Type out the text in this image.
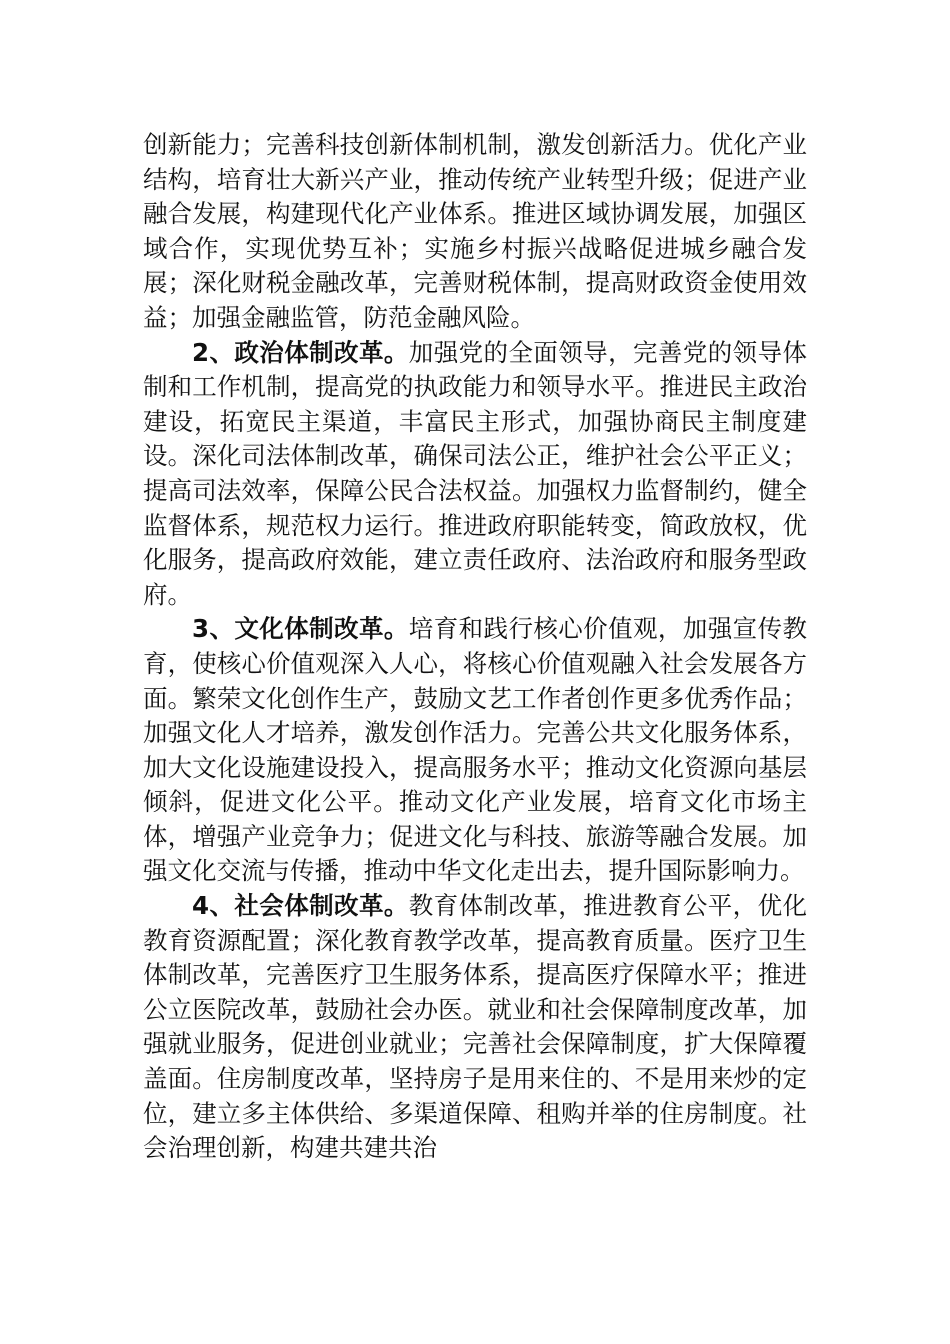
创新能力；完善科技创新体制机制，激发创新活力。优化产业结构，培育壮大新兴产业，推动传统产业转型升级；促进产业融合发展，构建现代化产业体系。推进区域协调发展，加强区域合作，实现优势互补；实施乡村振兴战略促进城乡融合发展；深化财税金融改革，完善财税体制，提高财政资金使用效益；加强金融监管，防范金融风险。

2、政治体制改革。加强党的全面领导，完善党的领导体制和工作机制，提高党的执政能力和领导水平。推进民主政治建设，拓宽民主渠道，丰富民主形式，加强协商民主制度建设。深化司法体制改革，确保司法公正，维护社会公平正义；提高司法效率，保障公民合法权益。加强权力监督制约，健全监督体系，规范权力运行。推进政府职能转变，简政放权，优化服务，提高政府效能，建立责任政府、法治政府和服务型政府。

3、文化体制改革。培育和践行核心价值观，加强宣传教育，使核心价值观深入人心，将核心价值观融入社会发展各方面。繁荣文化创作生产，鼓励文艺工作者创作更多优秀作品；加强文化人才培养，激发创作活力。完善公共文化服务体系，加大文化设施建设投入，提高服务水平；推动文化资源向基层倾斜，促进文化公平。推动文化产业发展，培育文化市场主体，增强产业竞争力；促进文化与科技、旅游等融合发展。加强文化交流与传播，推动中华文化走出去，提升国际影响力。

4、社会体制改革。教育体制改革，推进教育公平，优化教育资源配置；深化教育教学改革，提高教育质量。医疗卫生体制改革，完善医疗卫生服务体系，提高医疗保障水平；推进公立医院改革，鼓励社会办医。就业和社会保障制度改革，加强就业服务，促进创业就业；完善社会保障制度，扩大保障覆盖面。住房制度改革，坚持房子是用来住的、不是用来炒的定位，建立多主体供给、多渠道保障、租购并举的住房制度。社会治理创新，构建共建共治
